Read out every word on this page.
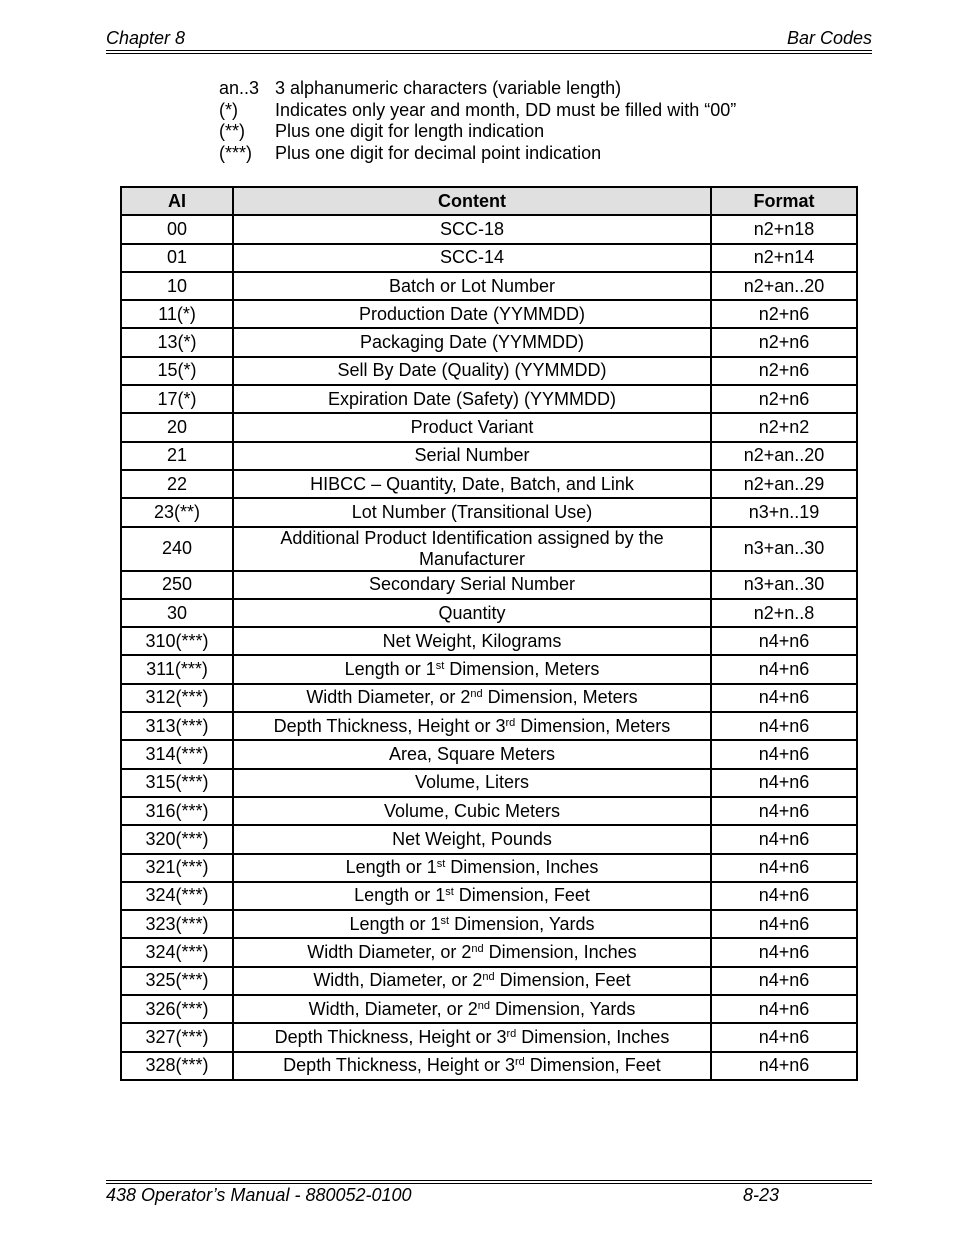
Chapter 8	Bar Codes
an..3 3 alphanumeric characters (variable length)
(*) Indicates only year and month, DD must be filled with “00”
(**) Plus one digit for length indication
(***) Plus one digit for decimal point indication
AI	Content	Format
00	SCC-18	n2+n18
01	SCC-14	n2+n14
10	Batch or Lot Number	n2+an..20
11(*)	Production Date (YYMMDD)	n2+n6
13(*)	Packaging Date (YYMMDD)	n2+n6
15(*)	Sell By Date (Quality) (YYMMDD)	n2+n6
17(*)	Expiration Date (Safety) (YYMMDD)	n2+n6
20	Product Variant	n2+n2
21	Serial Number	n2+an..20
22	HIBCC – Quantity, Date, Batch, and Link	n2+an..29
23(**)	Lot Number (Transitional Use)	n3+n..19
240	Additional Product Identification assigned by the Manufacturer	n3+an..30
250	Secondary Serial Number	n3+an..30
30	Quantity	n2+n..8
310(***)	Net Weight, Kilograms	n4+n6
311(***)	Length or 1st Dimension, Meters	n4+n6
312(***)	Width Diameter, or 2nd Dimension, Meters	n4+n6
313(***)	Depth Thickness, Height or 3rd Dimension, Meters	n4+n6
314(***)	Area, Square Meters	n4+n6
315(***)	Volume, Liters	n4+n6
316(***)	Volume, Cubic Meters	n4+n6
320(***)	Net Weight, Pounds	n4+n6
321(***)	Length or 1st Dimension, Inches	n4+n6
324(***)	Length or 1st Dimension, Feet	n4+n6
323(***)	Length or 1st Dimension, Yards	n4+n6
324(***)	Width Diameter, or 2nd Dimension, Inches	n4+n6
325(***)	Width, Diameter, or 2nd Dimension, Feet	n4+n6
326(***)	Width, Diameter, or 2nd Dimension, Yards	n4+n6
327(***)	Depth Thickness, Height or 3rd Dimension, Inches	n4+n6
328(***)	Depth Thickness, Height or 3rd Dimension, Feet	n4+n6
438 Operator’s Manual - 880052-0100	8-23
